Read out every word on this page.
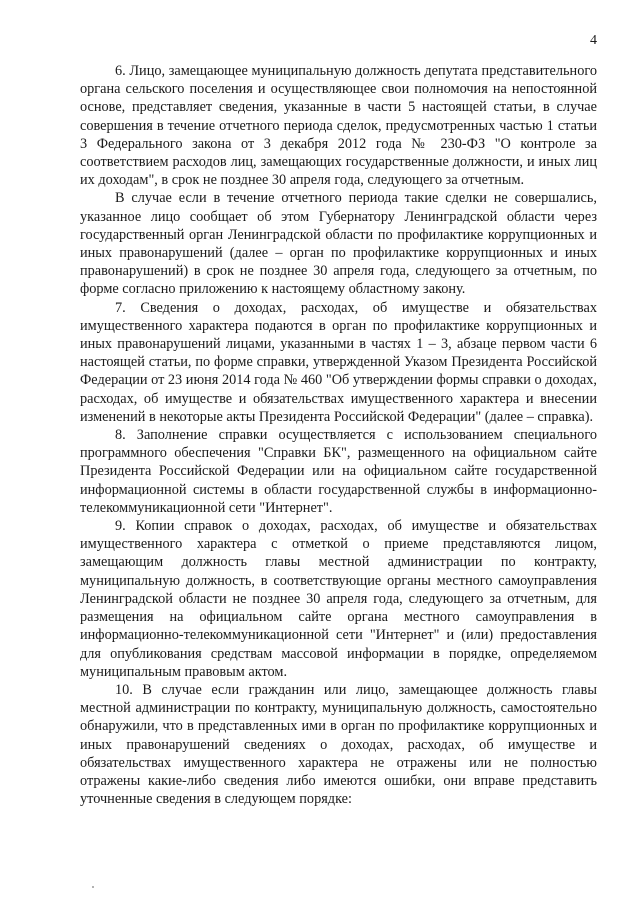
4

6. Лицо, замещающее муниципальную должность депутата представительного органа сельского поселения и осуществляющее свои полномочия на непостоянной основе, представляет сведения, указанные в части 5 настоящей статьи, в случае совершения в течение отчетного периода сделок, предусмотренных частью 1 статьи 3 Федерального закона от 3 декабря 2012 года № 230-ФЗ "О контроле за соответствием расходов лиц, замещающих государственные должности, и иных лиц их доходам", в срок не позднее 30 апреля года, следующего за отчетным.

В случае если в течение отчетного периода такие сделки не совершались, указанное лицо сообщает об этом Губернатору Ленинградской области через государственный орган Ленинградской области по профилактике коррупционных и иных правонарушений (далее – орган по профилактике коррупционных и иных правонарушений) в срок не позднее 30 апреля года, следующего за отчетным, по форме согласно приложению к настоящему областному закону.

7. Сведения о доходах, расходах, об имуществе и обязательствах имущественного характера подаются в орган по профилактике коррупционных и иных правонарушений лицами, указанными в частях 1 – 3, абзаце первом части 6 настоящей статьи, по форме справки, утвержденной Указом Президента Российской Федерации от 23 июня 2014 года № 460 "Об утверждении формы справки о доходах, расходах, об имуществе и обязательствах имущественного характера и внесении изменений в некоторые акты Президента Российской Федерации" (далее – справка).

8. Заполнение справки осуществляется с использованием специального программного обеспечения "Справки БК", размещенного на официальном сайте Президента Российской Федерации или на официальном сайте государственной информационной системы в области государственной службы в информационно-телекоммуникационной сети "Интернет".

9. Копии справок о доходах, расходах, об имуществе и обязательствах имущественного характера с отметкой о приеме представляются лицом, замещающим должность главы местной администрации по контракту, муниципальную должность, в соответствующие органы местного самоуправления Ленинградской области не позднее 30 апреля года, следующего за отчетным, для размещения на официальном сайте органа местного самоуправления в информационно-телекоммуникационной сети "Интернет" и (или) предоставления для опубликования средствам массовой информации в порядке, определяемом муниципальным правовым актом.

10. В случае если гражданин или лицо, замещающее должность главы местной администрации по контракту, муниципальную должность, самостоятельно обнаружили, что в представленных ими в орган по профилактике коррупционных и иных правонарушений сведениях о доходах, расходах, об имуществе и обязательствах имущественного характера не отражены или не полностью отражены какие-либо сведения либо имеются ошибки, они вправе представить уточненные сведения в следующем порядке:
